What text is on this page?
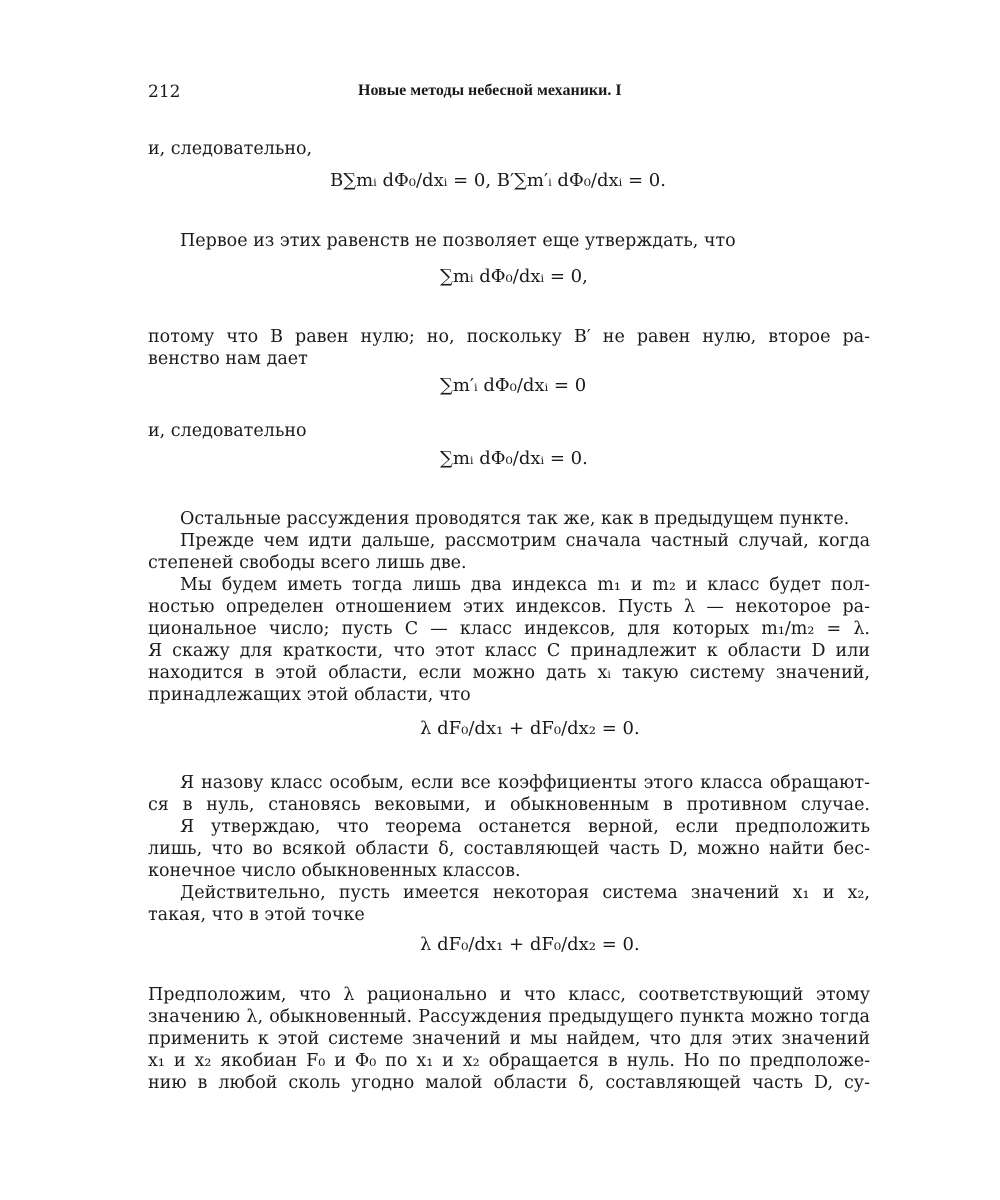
212	Новые методы небесной механики. I
и, следовательно,
B∑mᵢ dΦ₀/dxᵢ = 0, B′∑m′ᵢ dΦ₀/dxᵢ = 0.
Первое из этих равенств не позволяет еще утверждать, что
∑mᵢ dΦ₀/dxᵢ = 0,
потому что B равен нулю; но, поскольку B′ не равен нулю, второе ра-
венство нам дает
∑m′ᵢ dΦ₀/dxᵢ = 0
и, следовательно
∑mᵢ dΦ₀/dxᵢ = 0.
Остальные рассуждения проводятся так же, как в предыдущем пункте.
Прежде чем идти дальше, рассмотрим сначала частный случай, когда
степеней свободы всего лишь две.
Мы будем иметь тогда лишь два индекса m₁ и m₂ и класс будет пол-
ностью определен отношением этих индексов. Пусть λ — некоторое ра-
циональное число; пусть C — класс индексов, для которых m₁/m₂ = λ.
Я скажу для краткости, что этот класс C принадлежит к области D или
находится в этой области, если можно дать xᵢ такую систему значений,
принадлежащих этой области, что
λ dF₀/dx₁ + dF₀/dx₂ = 0.
Я назову класс особым, если все коэффициенты этого класса обращают-
ся в нуль, становясь вековыми, и обыкновенным в противном случае.
Я утверждаю, что теорема останется верной, если предположить
лишь, что во всякой области δ, составляющей часть D, можно найти бес-
конечное число обыкновенных классов.
Действительно, пусть имеется некоторая система значений x₁ и x₂,
такая, что в этой точке
λ dF₀/dx₁ + dF₀/dx₂ = 0.
Предположим, что λ рационально и что класс, соответствующий этому
значению λ, обыкновенный. Рассуждения предыдущего пункта можно тогда
применить к этой системе значений и мы найдем, что для этих значений
x₁ и x₂ якобиан F₀ и Φ₀ по x₁ и x₂ обращается в нуль. Но по предположе-
нию в любой сколь угодно малой области δ, составляющей часть D, су-
